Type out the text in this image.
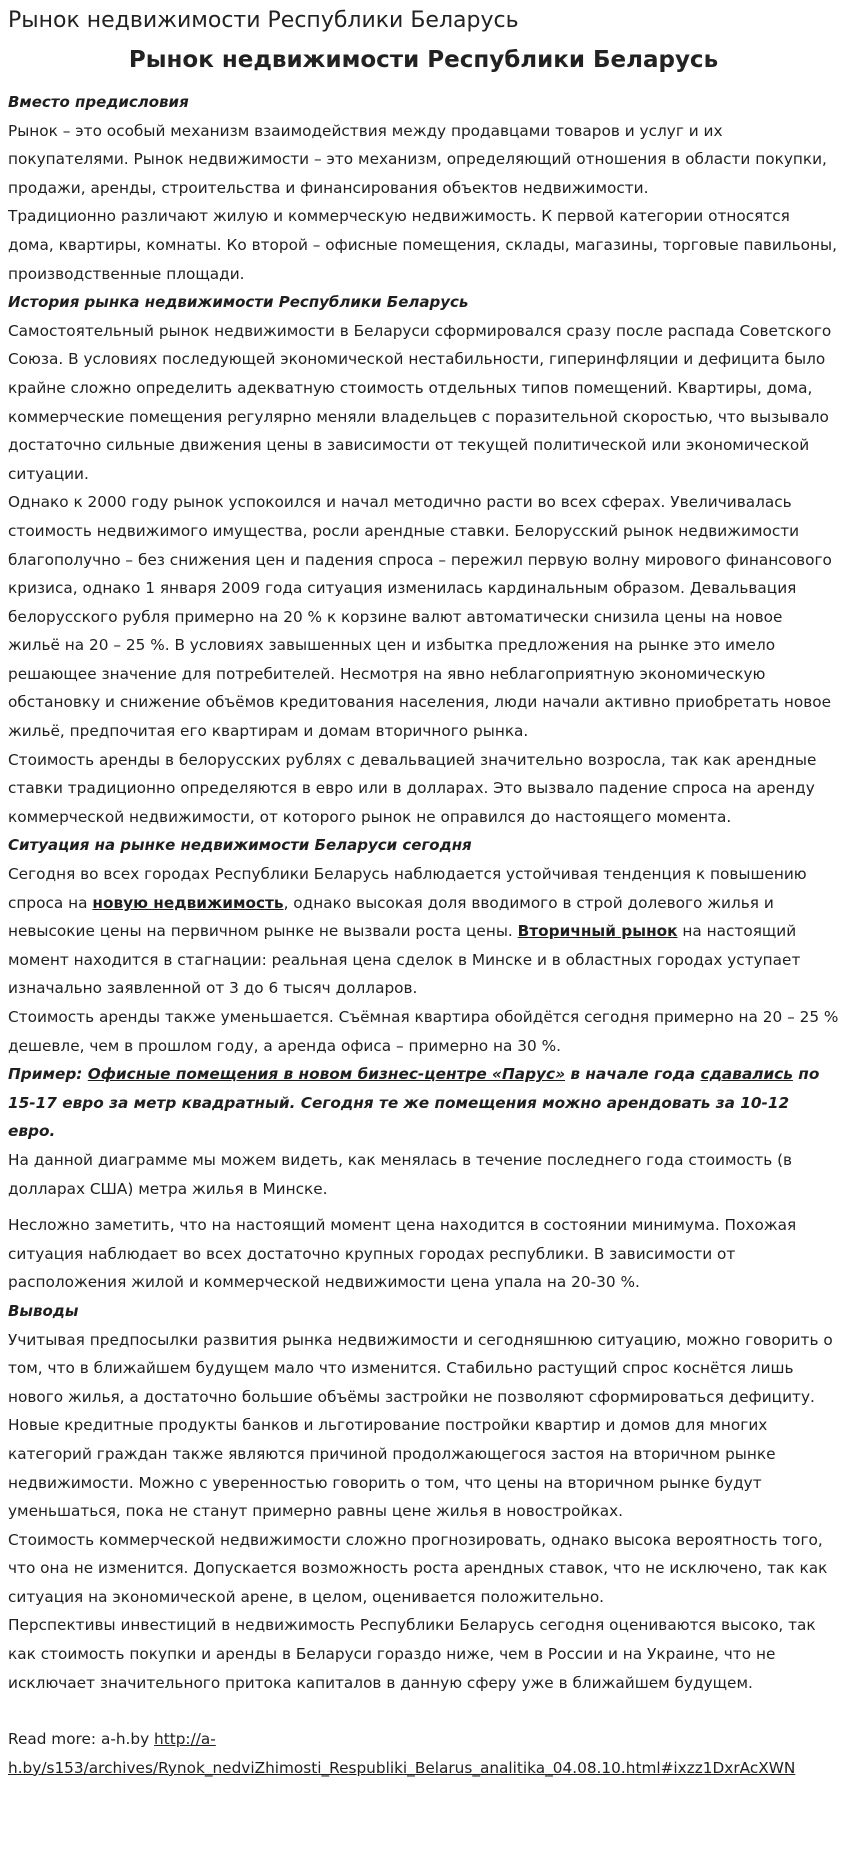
Рынок недвижимости Республики Беларусь
Рынок недвижимости Республики Беларусь
Вместо предисловия
Рынок – это особый механизм взаимодействия между продавцами товаров и услуг и их покупателями. Рынок недвижимости – это механизм, определяющий отношения в области покупки, продажи, аренды, строительства и финансирования объектов недвижимости.
Традиционно различают жилую и коммерческую недвижимость. К первой категории относятся дома, квартиры, комнаты. Ко второй – офисные помещения, склады, магазины, торговые павильоны, производственные площади.
История рынка недвижимости Республики Беларусь
Самостоятельный рынок недвижимости в Беларуси сформировался сразу после распада Советского Союза. В условиях последующей экономической нестабильности, гиперинфляции и дефицита было крайне сложно определить адекватную стоимость отдельных типов помещений. Квартиры, дома, коммерческие помещения регулярно меняли владельцев с поразительной скоростью, что вызывало достаточно сильные движения цены в зависимости от текущей политической или экономической ситуации.
Однако к 2000 году рынок успокоился и начал методично расти во всех сферах. Увеличивалась стоимость недвижимого имущества, росли арендные ставки. Белорусский рынок недвижимости благополучно – без снижения цен и падения спроса – пережил первую волну мирового финансового кризиса, однако 1 января 2009 года ситуация изменилась кардинальным образом. Девальвация белорусского рубля примерно на 20 % к корзине валют автоматически снизила цены на новое жильё на 20 – 25 %. В условиях завышенных цен и избытка предложения на рынке это имело решающее значение для потребителей. Несмотря на явно неблагоприятную экономическую обстановку и снижение объёмов кредитования населения, люди начали активно приобретать новое жильё, предпочитая его квартирам и домам вторичного рынка.
Стоимость аренды в белорусских рублях с девальвацией значительно возросла, так как арендные ставки традиционно определяются в евро или в долларах. Это вызвало падение спроса на аренду коммерческой недвижимости, от которого рынок не оправился до настоящего момента.
Ситуация на рынке недвижимости Беларуси сегодня
Сегодня во всех городах Республики Беларусь наблюдается устойчивая тенденция к повышению спроса на новую недвижимость, однако высокая доля вводимого в строй долевого жилья и невысокие цены на первичном рынке не вызвали роста цены. Вторичный рынок на настоящий момент находится в стагнации: реальная цена сделок в Минске и в областных городах уступает изначально заявленной от 3 до 6 тысяч долларов.
Стоимость аренды также уменьшается. Съёмная квартира обойдётся сегодня примерно на 20 – 25 % дешевле, чем в прошлом году, а аренда офиса – примерно на 30 %.
Пример: Офисные помещения в новом бизнес-центре «Парус» в начале года сдавались по 15-17 евро за метр квадратный. Сегодня те же помещения можно арендовать за 10-12 евро.
На данной диаграмме мы можем видеть, как менялась в течение последнего года стоимость (в долларах США) метра жилья в Минске.
Несложно заметить, что на настоящий момент цена находится в состоянии минимума. Похожая ситуация наблюдает во всех достаточно крупных городах республики. В зависимости от расположения жилой и коммерческой недвижимости цена упала на 20-30 %.
Выводы
Учитывая предпосылки развития рынка недвижимости и сегодняшнюю ситуацию, можно говорить о том, что в ближайшем будущем мало что изменится. Стабильно растущий спрос коснётся лишь нового жилья, а достаточно большие объёмы застройки не позволяют сформироваться дефициту.
Новые кредитные продукты банков и льготирование постройки квартир и домов для многих категорий граждан также являются причиной продолжающегося застоя на вторичном рынке недвижимости. Можно с уверенностью говорить о том, что цены на вторичном рынке будут уменьшаться, пока не станут примерно равны цене жилья в новостройках.
Стоимость коммерческой недвижимости сложно прогнозировать, однако высока вероятность того, что она не изменится. Допускается возможность роста арендных ставок, что не исключено, так как ситуация на экономической арене, в целом, оценивается положительно.
Перспективы инвестиций в недвижимость Республики Беларусь сегодня оцениваются высоко, так как стоимость покупки и аренды в Беларуси гораздо ниже, чем в России и на Украине, что не исключает значительного притока капиталов в данную сферу уже в ближайшем будущем.
Read more: a-h.by http://a-h.by/s153/archives/Rynok_nedviZhimosti_Respubliki_Belarus_analitika_04.08.10.html#ixzz1DxrAcXWN
